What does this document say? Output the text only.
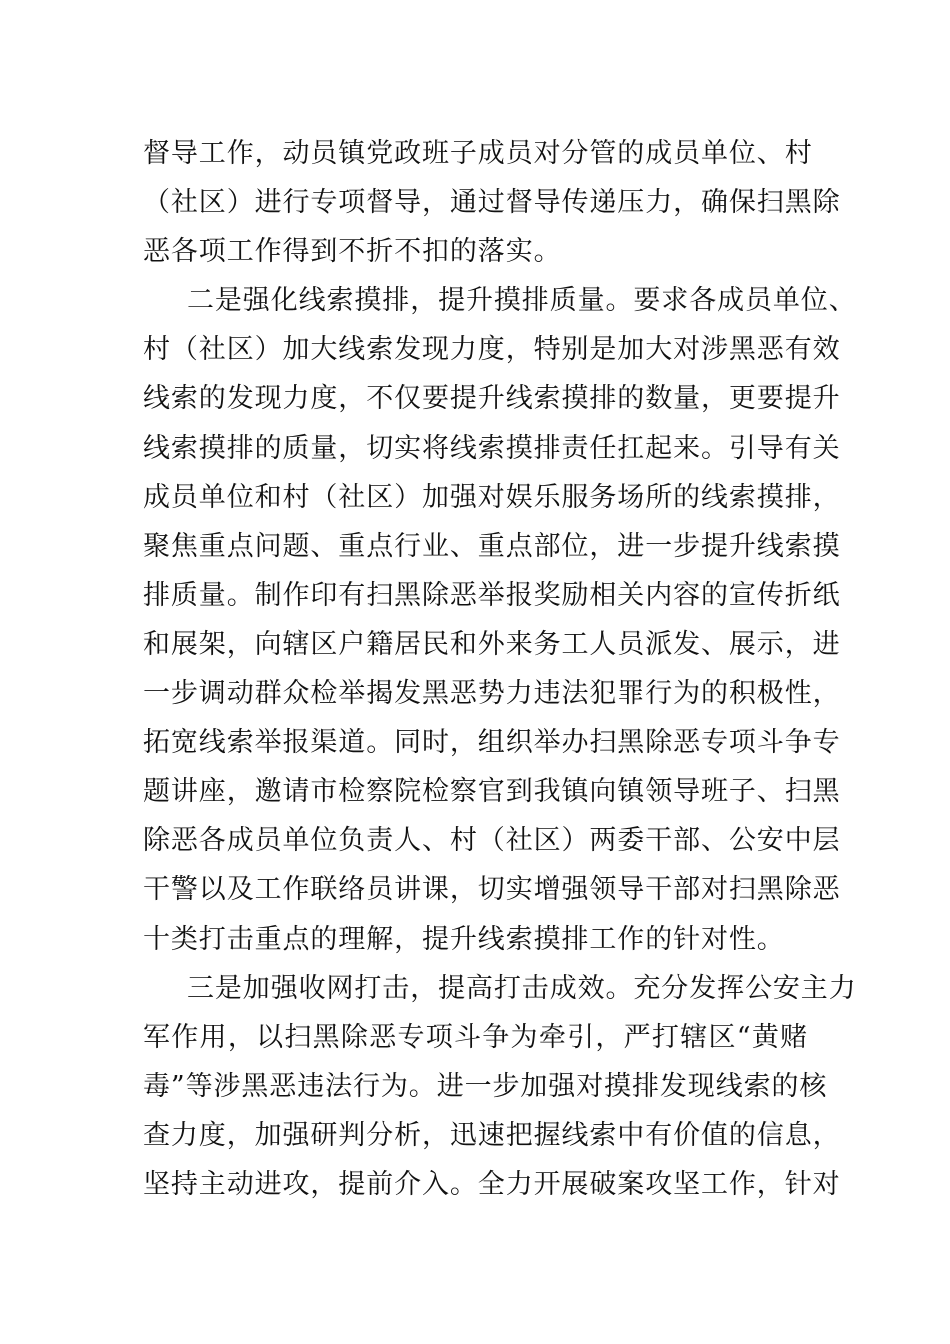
督导工作，动员镇党政班子成员对分管的成员单位、村
（社区）进行专项督导，通过督导传递压力，确保扫黑除
恶各项工作得到不折不扣的落实。
二是强化线索摸排，提升摸排质量。要求各成员单位、
村（社区）加大线索发现力度，特别是加大对涉黑恶有效
线索的发现力度，不仅要提升线索摸排的数量，更要提升
线索摸排的质量，切实将线索摸排责任扛起来。引导有关
成员单位和村（社区）加强对娱乐服务场所的线索摸排，
聚焦重点问题、重点行业、重点部位，进一步提升线索摸
排质量。制作印有扫黑除恶举报奖励相关内容的宣传折纸
和展架，向辖区户籍居民和外来务工人员派发、展示，进
一步调动群众检举揭发黑恶势力违法犯罪行为的积极性，
拓宽线索举报渠道。同时，组织举办扫黑除恶专项斗争专
题讲座，邀请市检察院检察官到我镇向镇领导班子、扫黑
除恶各成员单位负责人、村（社区）两委干部、公安中层
干警以及工作联络员讲课，切实增强领导干部对扫黑除恶
十类打击重点的理解，提升线索摸排工作的针对性。
三是加强收网打击，提高打击成效。充分发挥公安主力
军作用，以扫黑除恶专项斗争为牵引，严打辖区“黄赌
毒”等涉黑恶违法行为。进一步加强对摸排发现线索的核
查力度，加强研判分析，迅速把握线索中有价值的信息，
坚持主动进攻，提前介入。全力开展破案攻坚工作，针对
